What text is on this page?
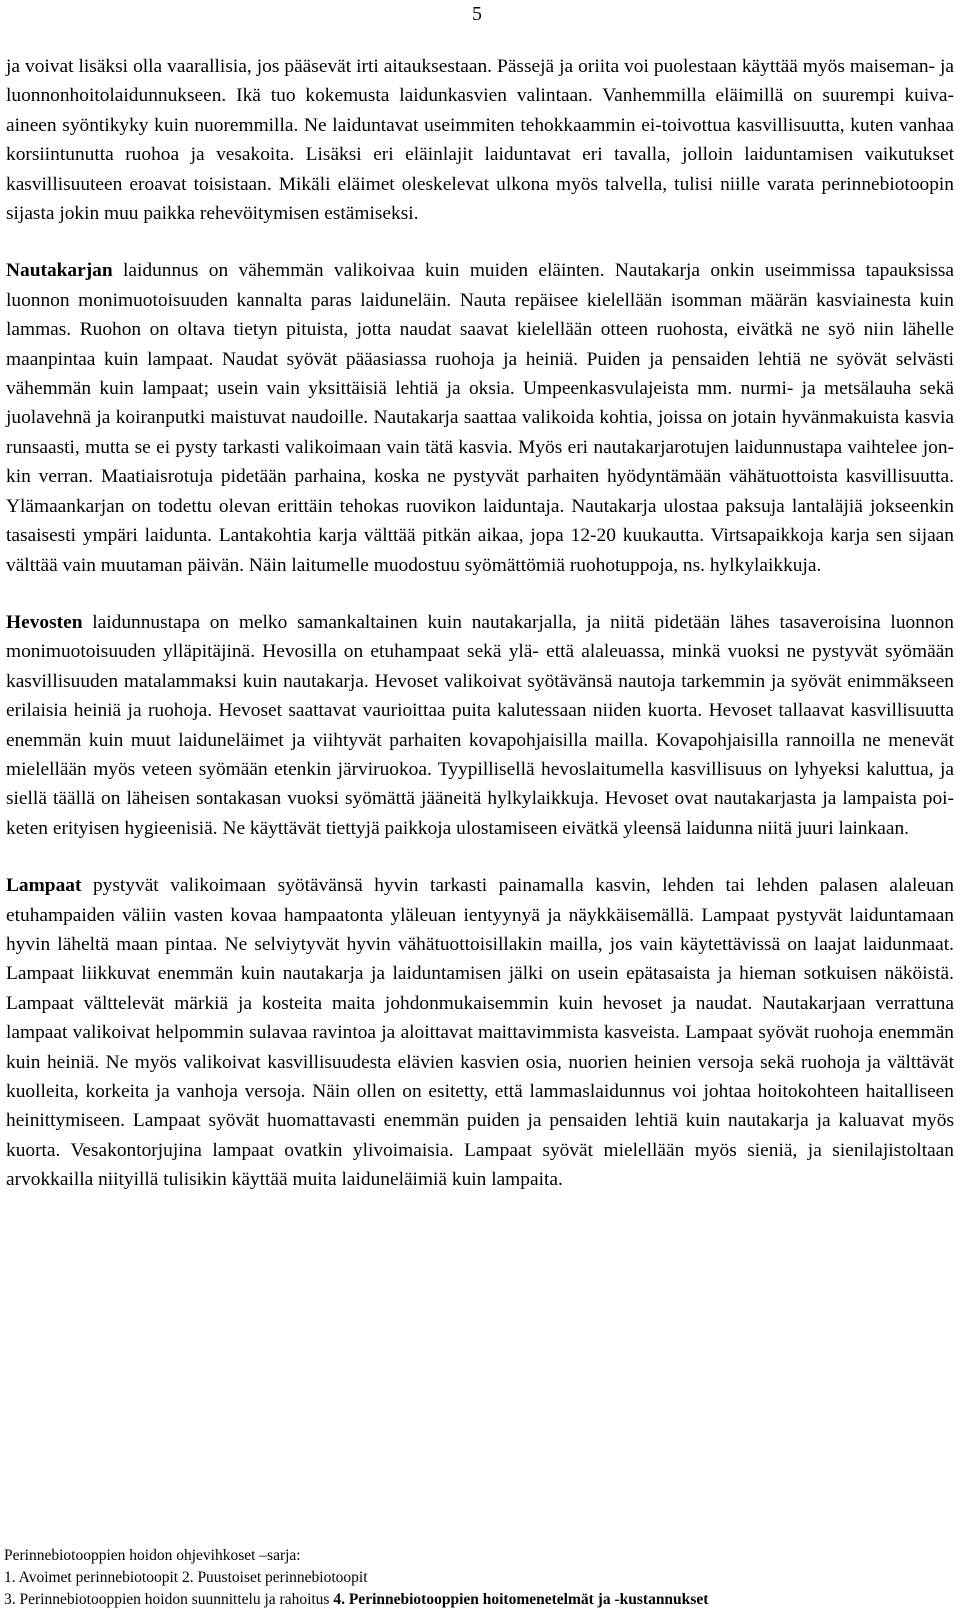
5

ja voivat lisäksi olla vaarallisia, jos pääsevät irti aitauksestaan. Pässejä ja oriita voi puolestaan käyttää myös maiseman- ja luonnonhoitolaidunnukseen. Ikä tuo kokemusta laidunkasvien valintaan. Vanhemmilla eläimillä on suurempi kuiva-aineen syöntikyky kuin nuoremmilla. Ne laiduntavat useimmiten tehokkaammin ei-toivottua kasvillisuutta, kuten vanhaa korsiintunutta ruohoa ja vesakoita. Lisäksi eri eläinlajit laiduntavat eri tavalla, jolloin laiduntamisen vaikutukset kasvillisuuteen eroavat toisistaan. Mikäli eläimet oleskelevat ulkona myös talvella, tulisi niille varata perinnebiotoopin sijasta jokin muu paikka rehevöitymisen estämiseksi.

Nautakarjan laidunnus on vähemmän valikoivaa kuin muiden eläinten. Nautakarja onkin useimmissa tapauksissa luonnon monimuotoisuuden kannalta paras laiduneläin. Nauta repäisee kielellään isomman määrän kasviainesta kuin lammas. Ruohon on oltava tietyn pituista, jotta naudat saavat kielellään otteen ruohosta, eivätkä ne syö niin lähelle maanpintaa kuin lampaat. Naudat syövät pääasiassa ruohoja ja heiniä. Puiden ja pensaiden lehtiä ne syövät selvästi vähemmän kuin lampaat; usein vain yksittäisiä lehtiä ja oksia. Umpeenkasvulajeista mm. nurmi- ja metsälauha sekä juolavehnä ja koiranputki maistuvat naudoille. Nautakarja saattaa valikoida kohtia, joissa on jotain hyvänmakuista kasvia runsaasti, mutta se ei pysty tarkasti valikoimaan vain tätä kasvia. Myös eri nautakarjarotujen laidunnustapa vaihtelee jonkin verran. Maatiaisrotuja pidetään parhaina, koska ne pystyvät parhaiten hyödyntämään vähätuottoista kasvillisuutta. Ylämaankarjan on todettu olevan erittäin tehokas ruovikon laiduntaja. Nautakarja ulostaa paksuja lantaläjiä jokseenkin tasaisesti ympäri laidunta. Lantakohtia karja välttää pitkän aikaa, jopa 12-20 kuukautta. Virtsapaikkoja karja sen sijaan välttää vain muutaman päivän. Näin laitumelle muodostuu syömättömiä ruohotuppoja, ns. hylkylaikkuja.

Hevosten laidunnustapa on melko samankaltainen kuin nautakarjalla, ja niitä pidetään lähes tasaveroisina luonnon monimuotoisuuden ylläpitäjinä. Hevosilla on etuhampaat sekä ylä- että alaleuassa, minkä vuoksi ne pystyvät syömään kasvillisuuden matalammaksi kuin nautakarja. Hevoset valikoivat syötävänsä nautoja tarkemmin ja syövät enimmäkseen erilaisia heiniä ja ruohoja. Hevoset saattavat vaurioittaa puita kalutessaan niiden kuorta. Hevoset tallaavat kasvillisuutta enemmän kuin muut laiduneläimet ja viihtyvät parhaiten kovapohjaisilla mailla. Kovapohjaisilla rannoilla ne menevät mielellään myös veteen syömään etenkin järviruokoa. Tyypillisellä hevoslaitumella kasvillisuus on lyhyeksi kaluttua, ja siellä täällä on läheisen sontakasan vuoksi syömättä jääneitä hylkylaikkuja. Hevoset ovat nautakarjasta ja lampaista poiketen erityisen hygieenisiä. Ne käyttävät tiettyjä paikkoja ulostamiseen eivätkä yleensä laidunna niitä juuri lainkaan.

Lampaat pystyvät valikoimaan syötävänsä hyvin tarkasti painamalla kasvin, lehden tai lehden palasen alaleuan etuhampaiden väliin vasten kovaa hampaatonta yläleuan ientyynyä ja näykkäisemällä. Lampaat pystyvät laiduntamaan hyvin läheltä maan pintaa. Ne selviytyvät hyvin vähätuottoisillakin mailla, jos vain käytettävissä on laajat laidunmaat. Lampaat liikkuvat enemmän kuin nautakarja ja laiduntamisen jälki on usein epätasaista ja hieman sotkuisen näköistä. Lampaat välttelevät märkiä ja kosteita maita johdonmukaisemmin kuin hevoset ja naudat. Nautakarjaan verrattuna lampaat valikoivat helpommin sulavaa ravintoa ja aloittavat maittavimmista kasveista. Lampaat syövät ruohoja enemmän kuin heiniä. Ne myös valikoivat kasvillisuudesta elävien kasvien osia, nuorien heinien versoja sekä ruohoja ja välttävät kuolleita, korkeita ja vanhoja versoja. Näin ollen on esitetty, että lammaslaidunnus voi johtaa hoitokohteen haitalliseen heinittymiseen. Lampaat syövät huomattavasti enemmän puiden ja pensaiden lehtiä kuin nautakarja ja kaluavat myös kuorta. Vesakontorjujina lampaat ovatkin ylivoimaisia. Lampaat syövät mielellään myös sieniä, ja sienilajistoltaan arvokkailla niityillä tulisikin käyttää muita laiduneläimiä kuin lampaita.

Perinnebiotooppien hoidon ohjevihkoset –sarja:
1. Avoimet perinnebiotoopit 2. Puustoiset perinnebiotoopit
3. Perinnebiotooppien hoidon suunnittelu ja rahoitus 4. Perinnebiotooppien hoitomenetelmät ja -kustannukset
